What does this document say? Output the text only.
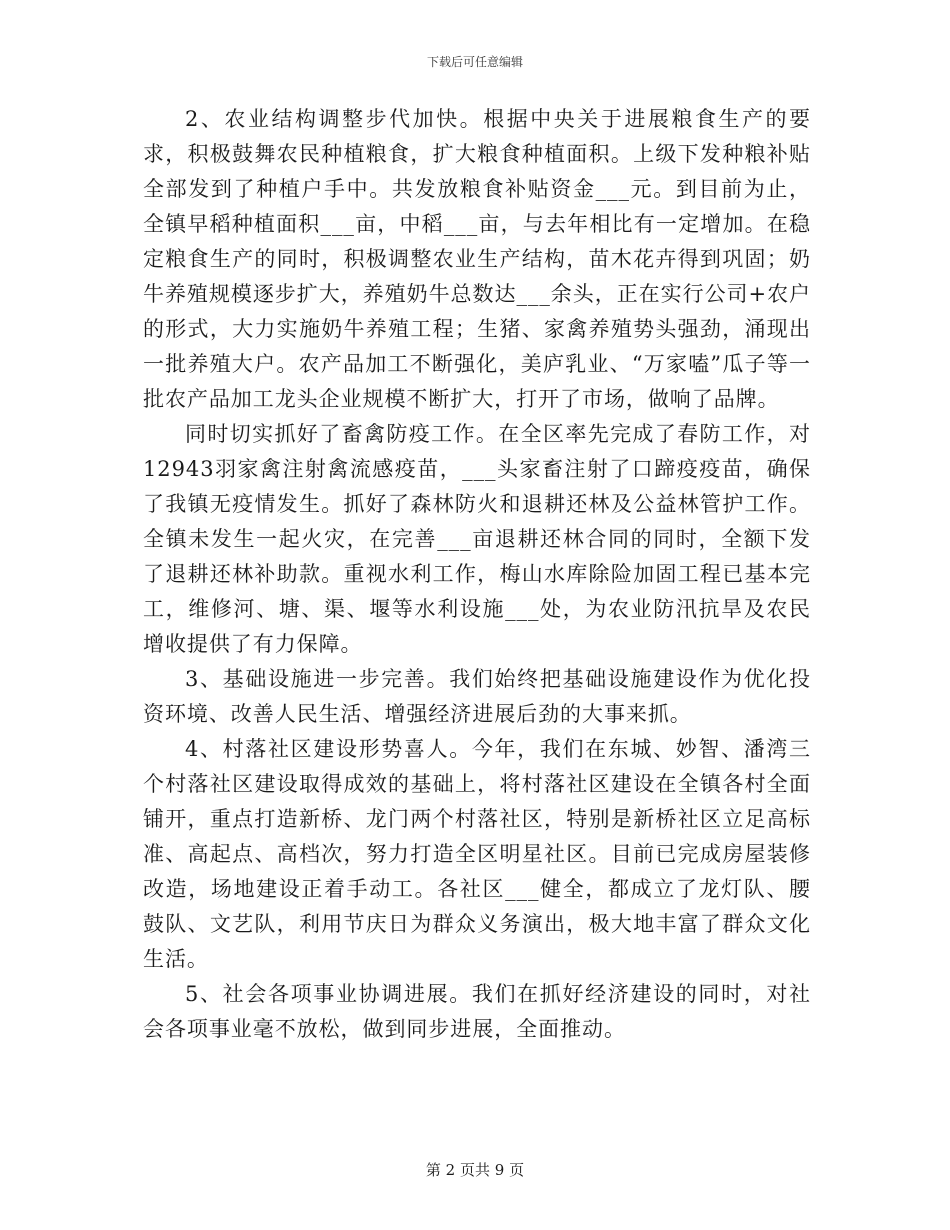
下载后可任意编辑

2、农业结构调整步代加快。根据中央关于进展粮食生产的要求，积极鼓舞农民种植粮食，扩大粮食种植面积。上级下发种粮补贴全部发到了种植户手中。共发放粮食补贴资金___元。到目前为止，全镇早稻种植面积___亩，中稻___亩，与去年相比有一定增加。在稳定粮食生产的同时，积极调整农业生产结构，苗木花卉得到巩固；奶牛养殖规模逐步扩大，养殖奶牛总数达___余头，正在实行公司+农户的形式，大力实施奶牛养殖工程；生猪、家禽养殖势头强劲，涌现出一批养殖大户。农产品加工不断强化，美庐乳业、“万家嗑”瓜子等一批农产品加工龙头企业规模不断扩大，打开了市场，做响了品牌。

同时切实抓好了畜禽防疫工作。在全区率先完成了春防工作，对12943羽家禽注射禽流感疫苗，___头家畜注射了口蹄疫疫苗，确保了我镇无疫情发生。抓好了森林防火和退耕还林及公益林管护工作。全镇未发生一起火灾，在完善___亩退耕还林合同的同时，全额下发了退耕还林补助款。重视水利工作，梅山水库除险加固工程已基本完工，维修河、塘、渠、堰等水利设施___处，为农业防汛抗旱及农民增收提供了有力保障。

3、基础设施进一步完善。我们始终把基础设施建设作为优化投资环境、改善人民生活、增强经济进展后劲的大事来抓。

4、村落社区建设形势喜人。今年，我们在东城、妙智、潘湾三个村落社区建设取得成效的基础上，将村落社区建设在全镇各村全面铺开，重点打造新桥、龙门两个村落社区，特别是新桥社区立足高标准、高起点、高档次，努力打造全区明星社区。目前已完成房屋装修改造，场地建设正着手动工。各社区___健全，都成立了龙灯队、腰鼓队、文艺队，利用节庆日为群众义务演出，极大地丰富了群众文化生活。

5、社会各项事业协调进展。我们在抓好经济建设的同时，对社会各项事业毫不放松，做到同步进展，全面推动。

第 2 页共 9 页
